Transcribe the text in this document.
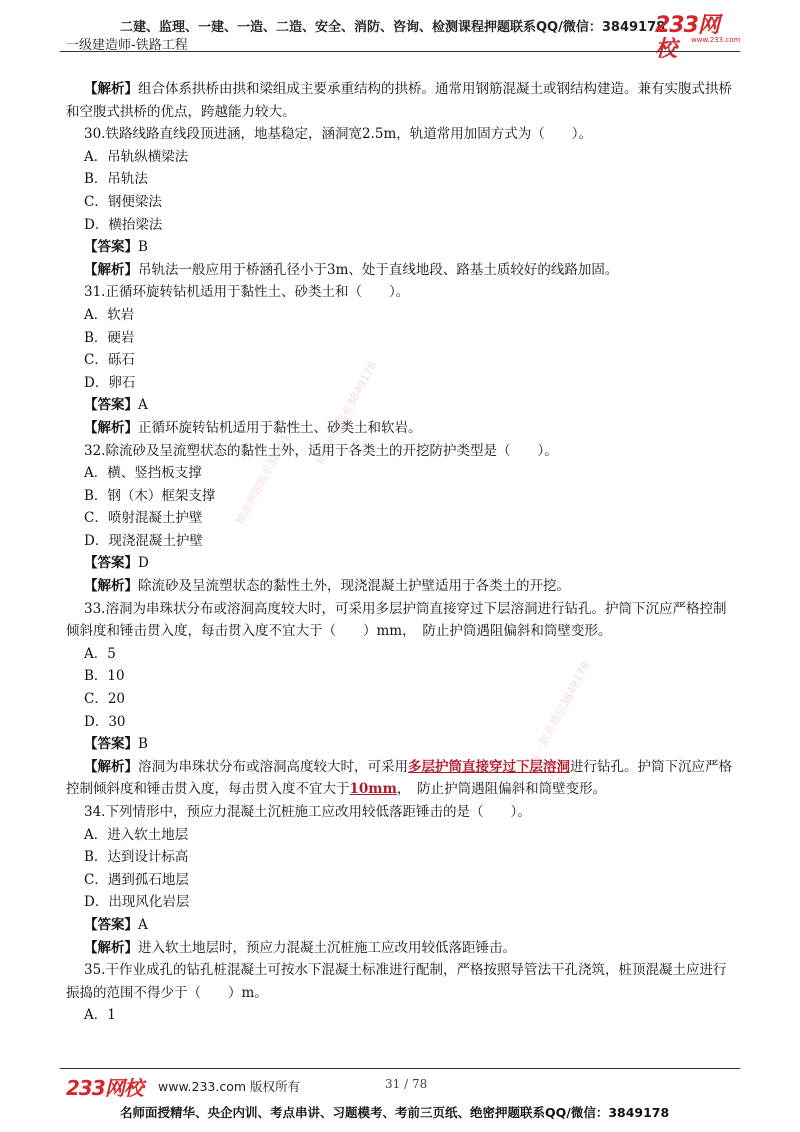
二建、监理、一建、一造、二造、安全、消防、咨询、检测课程押题联系QQ/微信：3849178
一级建造师-铁路工程
233网校	www.233.com
精准押题联系3849178
精准押题联系3849178
押题一联系微信3849178

【解析】组合体系拱桥由拱和梁组成主要承重结构的拱桥。通常用钢筋混凝土或钢结构建造。兼有实腹式拱桥和空腹式拱桥的优点，跨越能力较大。

30.铁路线路直线段顶进涵，地基稳定，涵洞宽2.5m，轨道常用加固方式为（　　）。

A．吊轨纵横梁法

B．吊轨法

C．钢便梁法

D．横抬梁法

【答案】B

【解析】吊轨法一般应用于桥涵孔径小于3m、处于直线地段、路基土质较好的线路加固。

31.正循环旋转钻机适用于黏性土、砂类土和（　　）。

A．软岩

B．硬岩

C．砾石

D．卵石

【答案】A

【解析】正循环旋转钻机适用于黏性土、砂类土和软岩。

32.除流砂及呈流塑状态的黏性土外，适用于各类土的开挖防护类型是（　　）。

A．横、竖挡板支撑

B．钢（木）框架支撑

C．喷射混凝土护壁

D．现浇混凝土护壁

【答案】D

【解析】除流砂及呈流塑状态的黏性土外，现浇混凝土护壁适用于各类土的开挖。

33.溶洞为串珠状分布或溶洞高度较大时，可采用多层护筒直接穿过下层溶洞进行钻孔。护筒下沉应严格控制倾斜度和锤击贯入度，每击贯入度不宜大于（　　）mm，　防止护筒遇阻偏斜和筒壁变形。

A．5

B．10

C．20

D．30

【答案】B

【解析】溶洞为串珠状分布或溶洞高度较大时，可采用多层护筒直接穿过下层溶洞进行钻孔。护筒下沉应严格控制倾斜度和锤击贯入度，每击贯入度不宜大于10mm，　防止护筒遇阻偏斜和筒壁变形。

34.下列情形中，预应力混凝土沉桩施工应改用较低落距锤击的是（　　）。

A．进入软土地层

B．达到设计标高

C．遇到孤石地层

D．出现风化岩层

【答案】A

【解析】进入软土地层时，预应力混凝土沉桩施工应改用较低落距锤击。

35.干作业成孔的钻孔桩混凝土可按水下混凝土标准进行配制，严格按照导管法干孔浇筑，桩顶混凝土应进行振捣的范围不得少于（　　）m。

A．1

233网校 www.233.com 版权所有	31 / 78
名师面授精华、央企内训、考点串讲、习题模考、考前三页纸、绝密押题联系QQ/微信：3849178
